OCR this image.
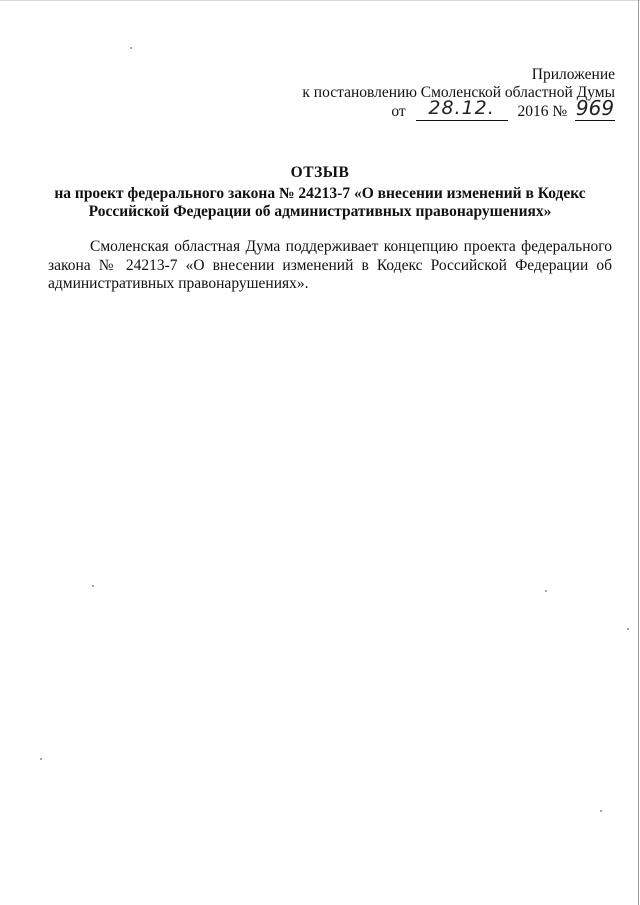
Приложение
к постановлению Смоленской областной Думы
от 28.12. 2016 № 969
ОТЗЫВ
на проект федерального закона № 24213-7 «О внесении изменений в Кодекс
Российской Федерации об административных правонарушениях»

Смоленская областная Дума поддерживает концепцию проекта федерального закона № 24213-7 «О внесении изменений в Кодекс Российской Федерации об административных правонарушениях».
